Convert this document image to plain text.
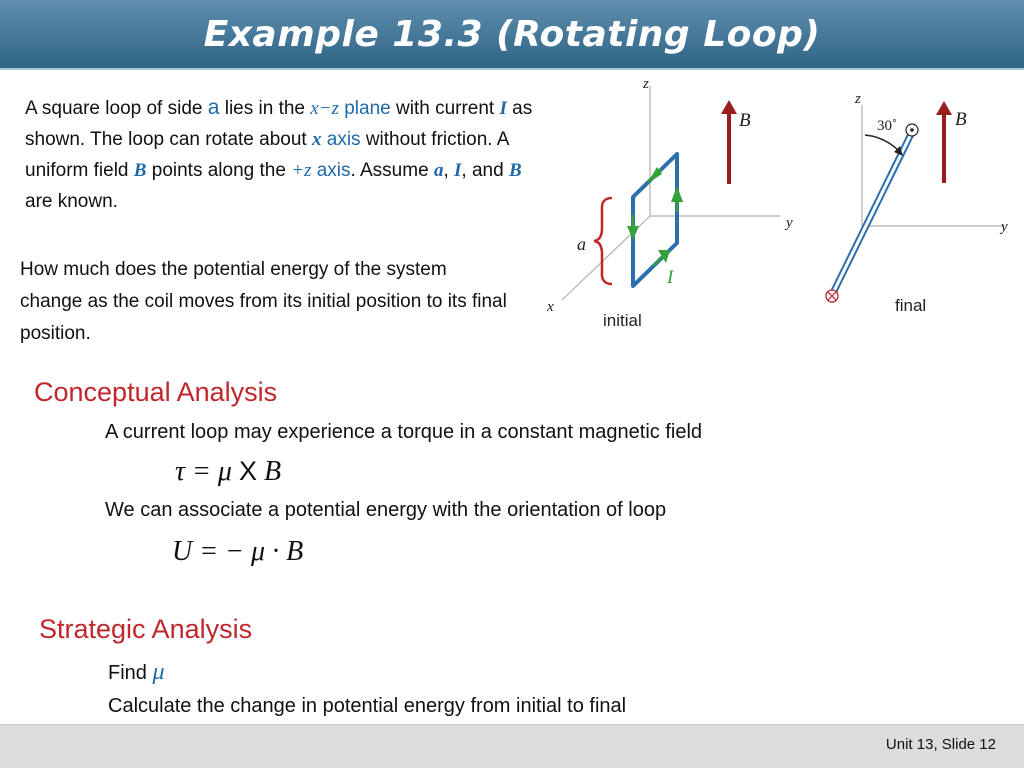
Example 13.3 (Rotating Loop)
A square loop of side a lies in the x−z plane with current I as shown. The loop can rotate about x axis without friction. A uniform field B points along the +z axis. Assume a, I, and B are known.
How much does the potential energy of the system change as the coil moves from its initial position to its final position.
z
y
x
I
a
B
initial
z
y
30˚	B
final
Conceptual Analysis
A current loop may experience a torque in a constant magnetic field
τ = μ X B
We can associate a potential energy with the orientation of loop
U = − μ · B
Strategic Analysis
Find μ
Calculate the change in potential energy from initial to final
Unit 13, Slide 12
